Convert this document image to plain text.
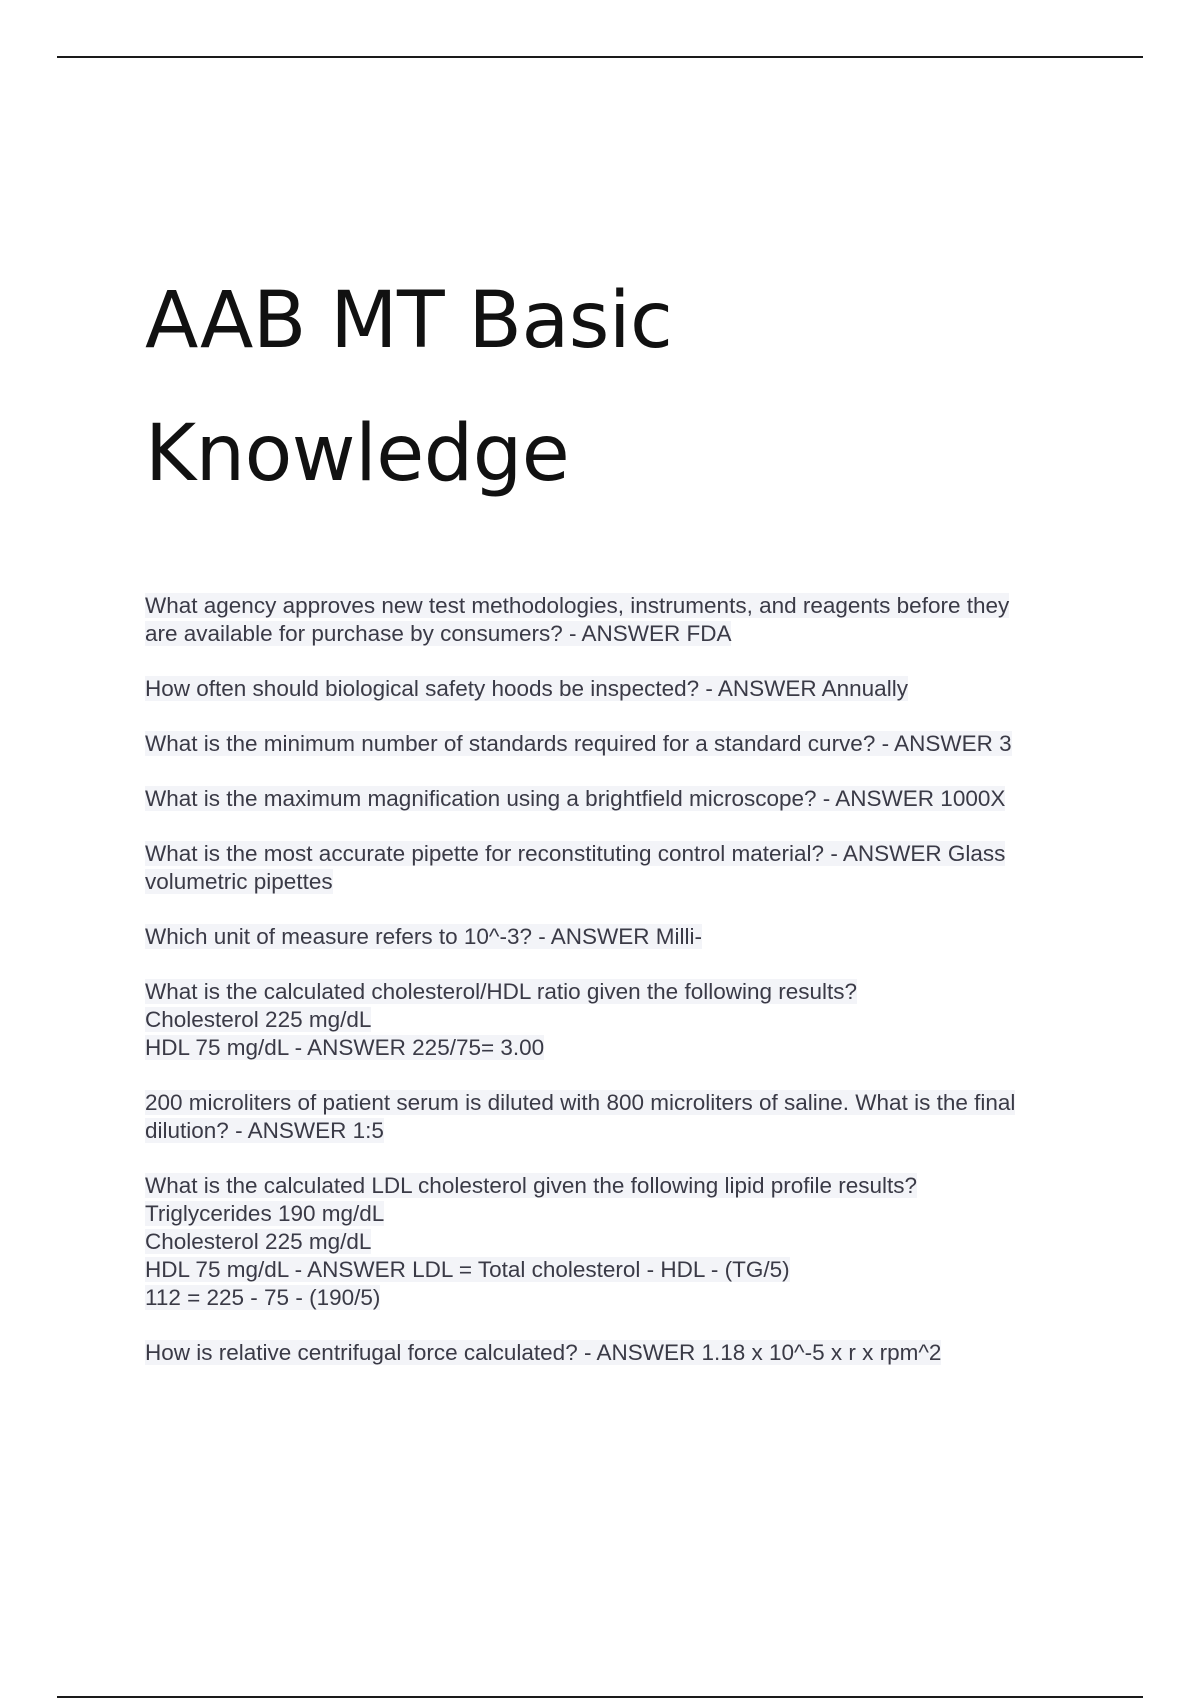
AAB MT Basic
Knowledge

What agency approves new test methodologies, instruments, and reagents before they
are available for purchase by consumers? - ANSWER FDA

How often should biological safety hoods be inspected? - ANSWER Annually

What is the minimum number of standards required for a standard curve? - ANSWER 3

What is the maximum magnification using a brightfield microscope? - ANSWER 1000X

What is the most accurate pipette for reconstituting control material? - ANSWER Glass
volumetric pipettes

Which unit of measure refers to 10^-3? - ANSWER Milli-

What is the calculated cholesterol/HDL ratio given the following results?
Cholesterol 225 mg/dL
HDL 75 mg/dL - ANSWER 225/75= 3.00

200 microliters of patient serum is diluted with 800 microliters of saline. What is the final
dilution? - ANSWER 1:5

What is the calculated LDL cholesterol given the following lipid profile results?
Triglycerides 190 mg/dL
Cholesterol 225 mg/dL
HDL 75 mg/dL - ANSWER LDL = Total cholesterol - HDL - (TG/5)
112 = 225 - 75 - (190/5)

How is relative centrifugal force calculated? - ANSWER 1.18 x 10^-5 x r x rpm^2
